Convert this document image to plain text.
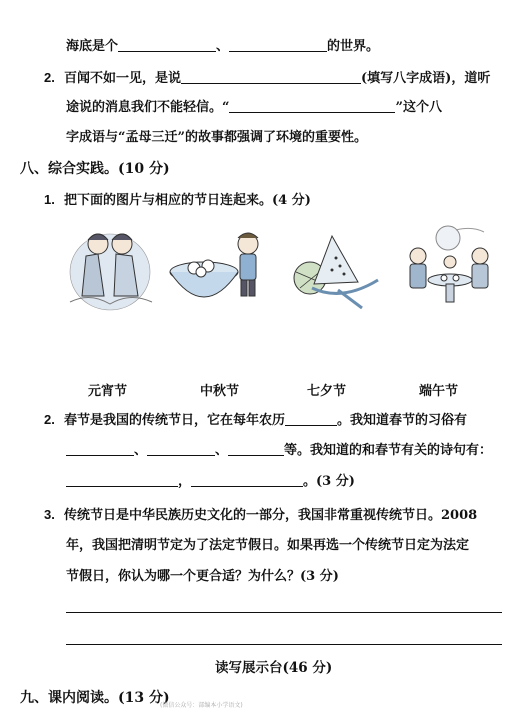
海底是个	、	的世界。
2. 百闻不如一见，是说	(填写八字成语)，道听
途说的消息我们不能轻信。“	”这个八
字成语与“孟母三迁”的故事都强调了环境的重要性。
八、综合实践。(10 分)
1. 把下面的图片与相应的节日连起来。(4 分)
元宵节	中秋节	七夕节	端午节
2. 春节是我国的传统节日，它在每年农历	。我知道春节的习俗有
、	、	等。我知道的和春节有关的诗句有：
，	。(3 分)
3. 传统节日是中华民族历史文化的一部分，我国非常重视传统节日。2008
年，我国把清明节定为了法定节假日。如果再选一个传统节日定为法定
节假日，你认为哪一个更合适？为什么？(3 分)
读写展示台(46 分)
九、课内阅读。(13 分)
(微信公众号：部编本小学语文)
